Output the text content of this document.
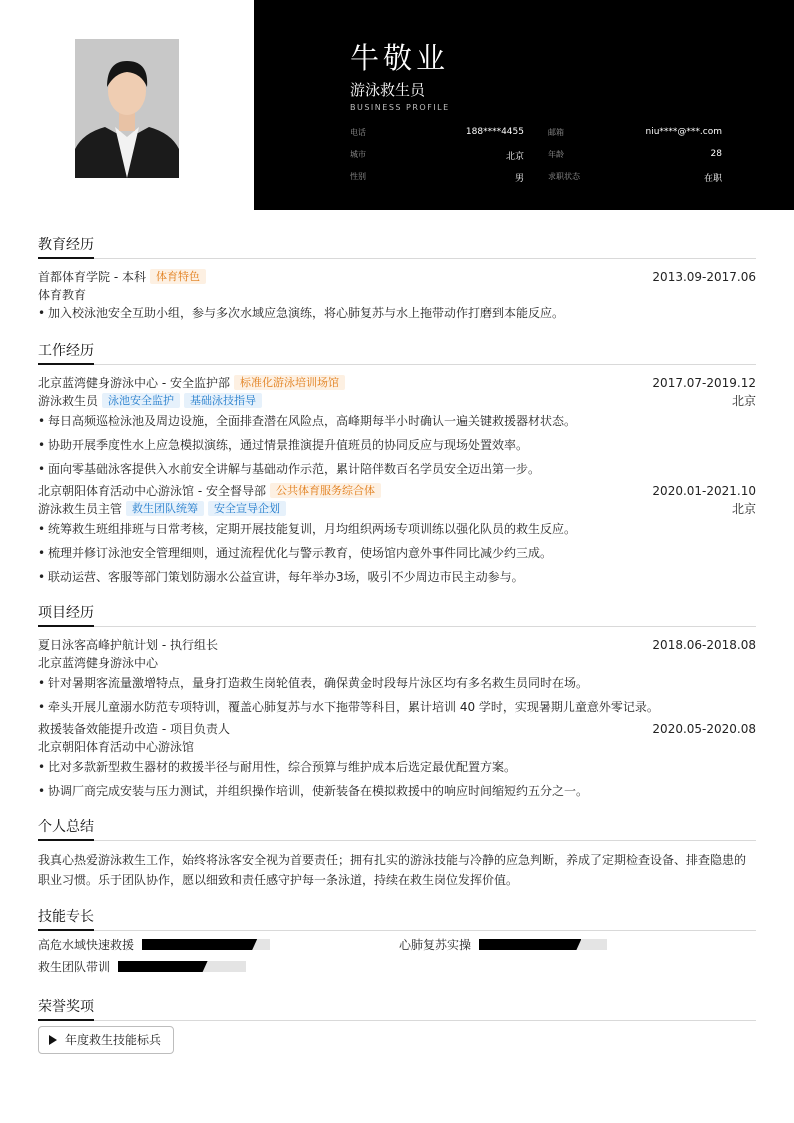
牛敬业
游泳救生员
BUSINESS PROFILE
电话	188****4455	邮箱	niu****@***.com
城市	北京	年龄	28
性别	男	求职状态	在职
教育经历
首都体育学院 - 本科 体育特色	2013.09-2017.06
体育教育
• 加入校泳池安全互助小组，参与多次水域应急演练，将心肺复苏与水上拖带动作打磨到本能反应。
工作经历
北京蓝湾健身游泳中心 - 安全监护部 标准化游泳培训场馆	2017.07-2019.12
游泳救生员 泳池安全监护 基础泳技指导	北京
• 每日高频巡检泳池及周边设施，全面排查潜在风险点，高峰期每半小时确认一遍关键救援器材状态。
• 协助开展季度性水上应急模拟演练，通过情景推演提升值班员的协同反应与现场处置效率。
• 面向零基础泳客提供入水前安全讲解与基础动作示范，累计陪伴数百名学员安全迈出第一步。
北京朝阳体育活动中心游泳馆 - 安全督导部 公共体育服务综合体	2020.01-2021.10
游泳救生员主管 救生团队统筹 安全宣导企划	北京
• 统筹救生班组排班与日常考核，定期开展技能复训，月均组织两场专项训练以强化队员的救生反应。
• 梳理并修订泳池安全管理细则，通过流程优化与警示教育，使场馆内意外事件同比减少约三成。
• 联动运营、客服等部门策划防溺水公益宣讲，每年举办3场，吸引不少周边市民主动参与。
项目经历
夏日泳客高峰护航计划 - 执行组长	2018.06-2018.08
北京蓝湾健身游泳中心
• 针对暑期客流量激增特点，量身打造救生岗轮值表，确保黄金时段每片泳区均有多名救生员同时在场。
• 牵头开展儿童溺水防范专项特训，覆盖心肺复苏与水下拖带等科目，累计培训 40 学时，实现暑期儿童意外零记录。
救援装备效能提升改造 - 项目负责人	2020.05-2020.08
北京朝阳体育活动中心游泳馆
• 比对多款新型救生器材的救援半径与耐用性，综合预算与维护成本后选定最优配置方案。
• 协调厂商完成安装与压力测试，并组织操作培训，使新装备在模拟救援中的响应时间缩短约五分之一。
个人总结
我真心热爱游泳救生工作，始终将泳客安全视为首要责任；拥有扎实的游泳技能与冷静的应急判断，养成了定期检查设备、排查隐患的
职业习惯。乐于团队协作，愿以细致和责任感守护每一条泳道，持续在救生岗位发挥价值。
技能专长
高危水域快速救援	心肺复苏实操
救生团队带训
荣誉奖项
年度救生技能标兵
